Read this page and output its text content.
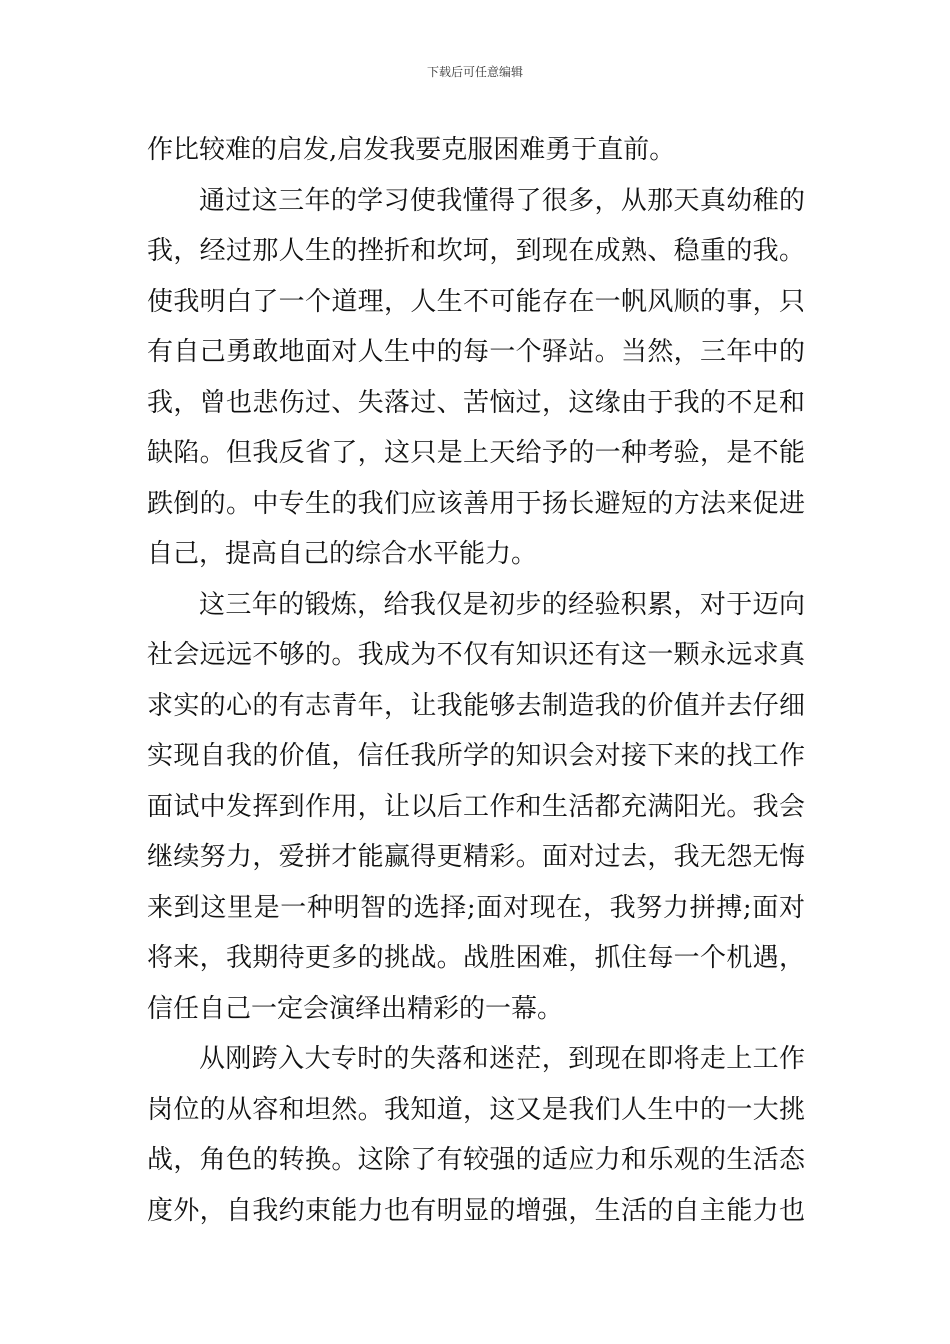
下载后可任意编辑
作比较难的启发,启发我要克服困难勇于直前。
通过这三年的学习使我懂得了很多，从那天真幼稚的
我，经过那人生的挫折和坎坷，到现在成熟、稳重的我。
使我明白了一个道理，人生不可能存在一帆风顺的事，只
有自己勇敢地面对人生中的每一个驿站。当然，三年中的
我，曾也悲伤过、失落过、苦恼过，这缘由于我的不足和
缺陷。但我反省了，这只是上天给予的一种考验，是不能
跌倒的。中专生的我们应该善用于扬长避短的方法来促进
自己，提高自己的综合水平能力。
这三年的锻炼，给我仅是初步的经验积累，对于迈向
社会远远不够的。我成为不仅有知识还有这一颗永远求真
求实的心的有志青年，让我能够去制造我的价值并去仔细
实现自我的价值，信任我所学的知识会对接下来的找工作
面试中发挥到作用，让以后工作和生活都充满阳光。我会
继续努力，爱拼才能赢得更精彩。面对过去，我无怨无悔
来到这里是一种明智的选择;面对现在，我努力拼搏;面对
将来，我期待更多的挑战。战胜困难，抓住每一个机遇，
信任自己一定会演绎出精彩的一幕。
从刚跨入大专时的失落和迷茫，到现在即将走上工作
岗位的从容和坦然。我知道，这又是我们人生中的一大挑
战，角色的转换。这除了有较强的适应力和乐观的生活态
度外，自我约束能力也有明显的增强，生活的自主能力也
